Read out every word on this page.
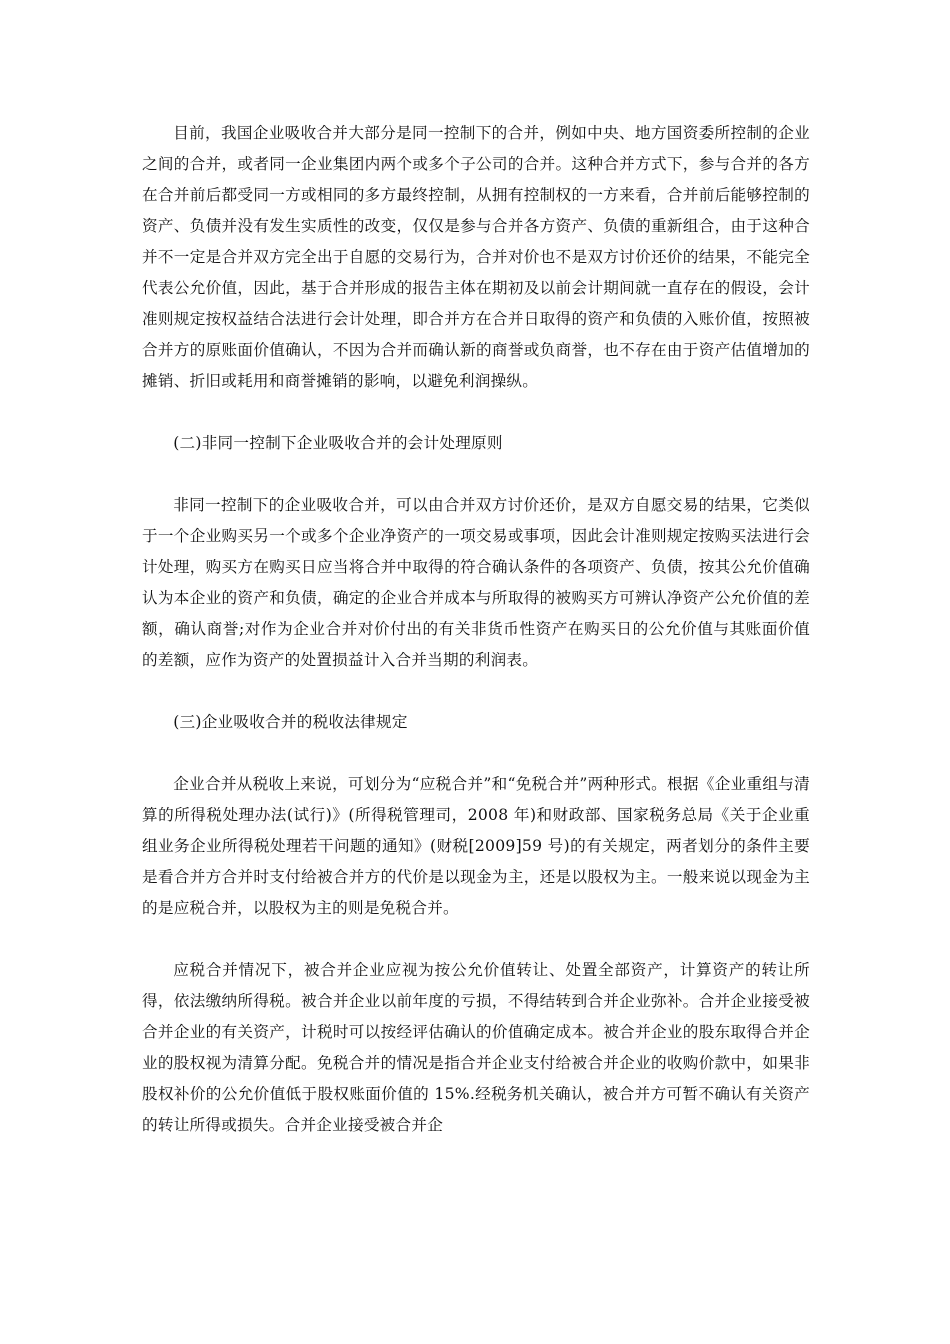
目前，我国企业吸收合并大部分是同一控制下的合并，例如中央、地方国资委所控制的企业之间的合并，或者同一企业集团内两个或多个子公司的合并。这种合并方式下，参与合并的各方在合并前后都受同一方或相同的多方最终控制，从拥有控制权的一方来看，合并前后能够控制的资产、负债并没有发生实质性的改变，仅仅是参与合并各方资产、负债的重新组合，由于这种合并不一定是合并双方完全出于自愿的交易行为，合并对价也不是双方讨价还价的结果，不能完全代表公允价值，因此，基于合并形成的报告主体在期初及以前会计期间就一直存在的假设，会计准则规定按权益结合法进行会计处理，即合并方在合并日取得的资产和负债的入账价值，按照被合并方的原账面价值确认，不因为合并而确认新的商誉或负商誉，也不存在由于资产估值增加的摊销、折旧或耗用和商誉摊销的影响，以避免利润操纵。

(二)非同一控制下企业吸收合并的会计处理原则

非同一控制下的企业吸收合并，可以由合并双方讨价还价，是双方自愿交易的结果，它类似于一个企业购买另一个或多个企业净资产的一项交易或事项，因此会计准则规定按购买法进行会计处理，购买方在购买日应当将合并中取得的符合确认条件的各项资产、负债，按其公允价值确认为本企业的资产和负债，确定的企业合并成本与所取得的被购买方可辨认净资产公允价值的差额，确认商誉;对作为企业合并对价付出的有关非货币性资产在购买日的公允价值与其账面价值的差额，应作为资产的处置损益计入合并当期的利润表。

(三)企业吸收合并的税收法律规定

企业合并从税收上来说，可划分为“应税合并”和“免税合并”两种形式。根据《企业重组与清算的所得税处理办法(试行)》(所得税管理司，2008 年)和财政部、国家税务总局《关于企业重组业务企业所得税处理若干问题的通知》(财税[2009]59 号)的有关规定，两者划分的条件主要是看合并方合并时支付给被合并方的代价是以现金为主，还是以股权为主。一般来说以现金为主的是应税合并，以股权为主的则是免税合并。

应税合并情况下，被合并企业应视为按公允价值转让、处置全部资产，计算资产的转让所得，依法缴纳所得税。被合并企业以前年度的亏损，不得结转到合并企业弥补。合并企业接受被合并企业的有关资产，计税时可以按经评估确认的价值确定成本。被合并企业的股东取得合并企业的股权视为清算分配。免税合并的情况是指合并企业支付给被合并企业的收购价款中，如果非股权补价的公允价值低于股权账面价值的 15%.经税务机关确认，被合并方可暂不确认有关资产的转让所得或损失。合并企业接受被合并企
